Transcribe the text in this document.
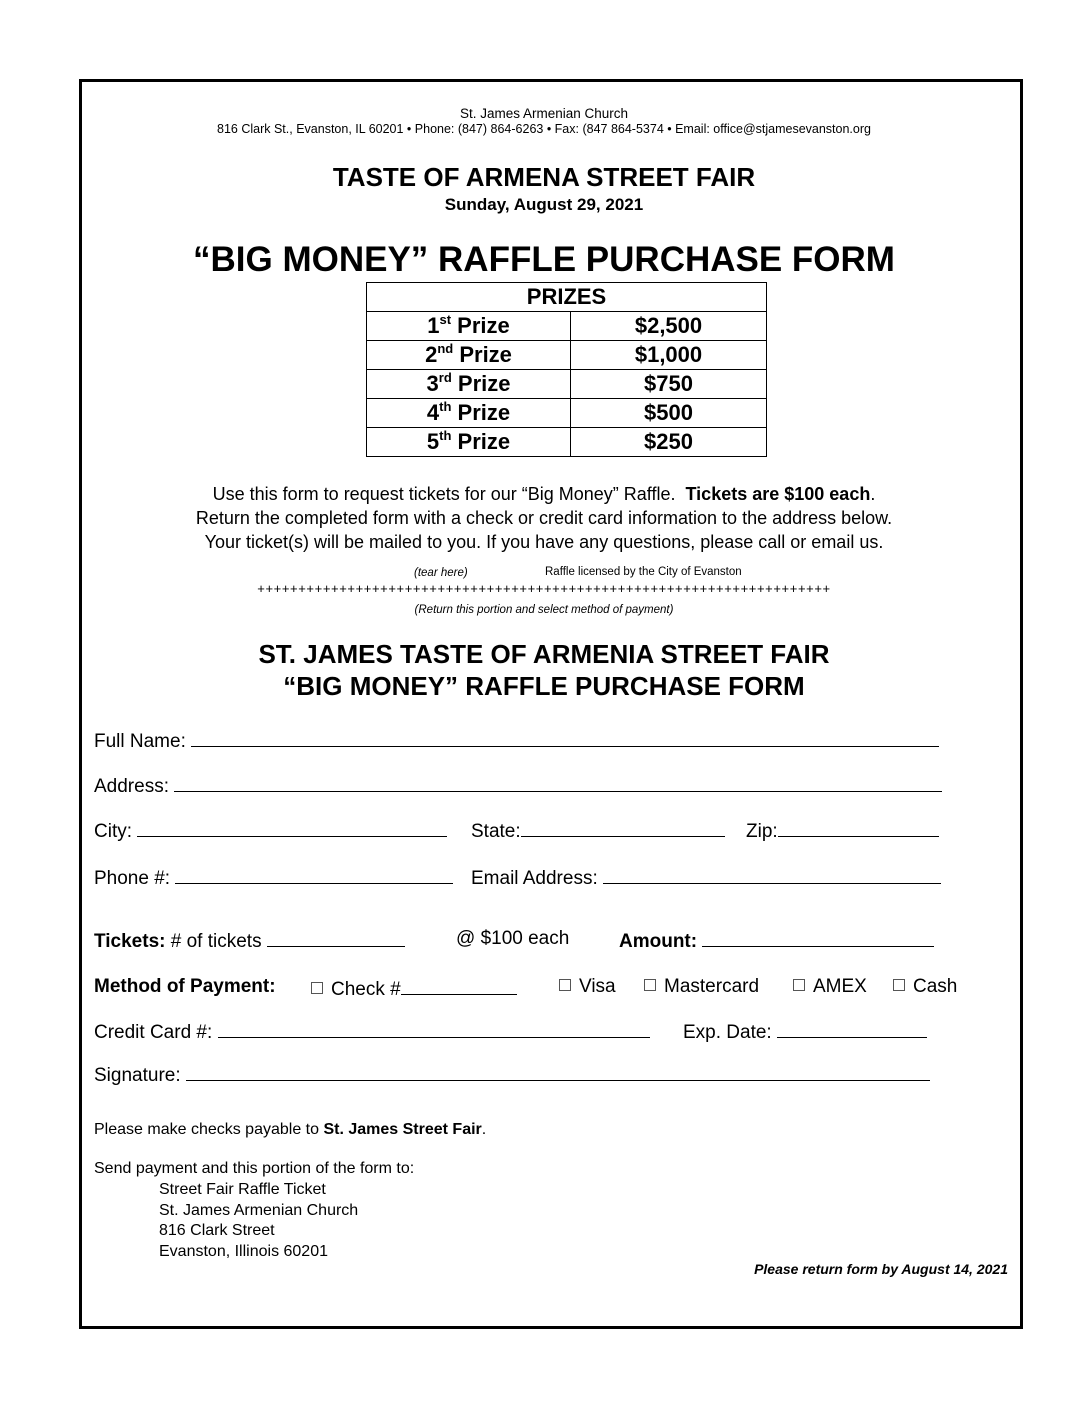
St. James Armenian Church
816 Clark St., Evanston, IL 60201 • Phone: (847) 864-6263 • Fax: (847 864-5374 • Email: office@stjamesevanston.org
TASTE OF ARMENA STREET FAIR
Sunday, August 29, 2021
“BIG MONEY” RAFFLE PURCHASE FORM
PRIZES	
1st Prize	$2,500
2nd Prize	$1,000
3rd Prize	$750
4th Prize	$500
5th Prize	$250
Use this form to request tickets for our “Big Money” Raffle. Tickets are $100 each.
Return the completed form with a check or credit card information to the address below.
Your ticket(s) will be mailed to you. If you have any questions, please call or email us.
(tear here)	Raffle licensed by the City of Evanston
++++++++++++++++++++++++++++++++++++++++++++++++++++++++++++++++++++++
(Return this portion and select method of payment)
ST. JAMES TASTE OF ARMENIA STREET FAIR
“BIG MONEY” RAFFLE PURCHASE FORM
Full Name:
Address:
City:	State:	Zip:
Phone #:	Email Address:
Tickets: # of tickets	@ $100 each	Amount:
Method of Payment:	Check #	Visa	Mastercard	AMEX	Cash
Credit Card #:	Exp. Date:
Signature:
Please make checks payable to St. James Street Fair.
Send payment and this portion of the form to:
Street Fair Raffle Ticket
St. James Armenian Church
816 Clark Street
Evanston, Illinois 60201
Please return form by August 14, 2021
